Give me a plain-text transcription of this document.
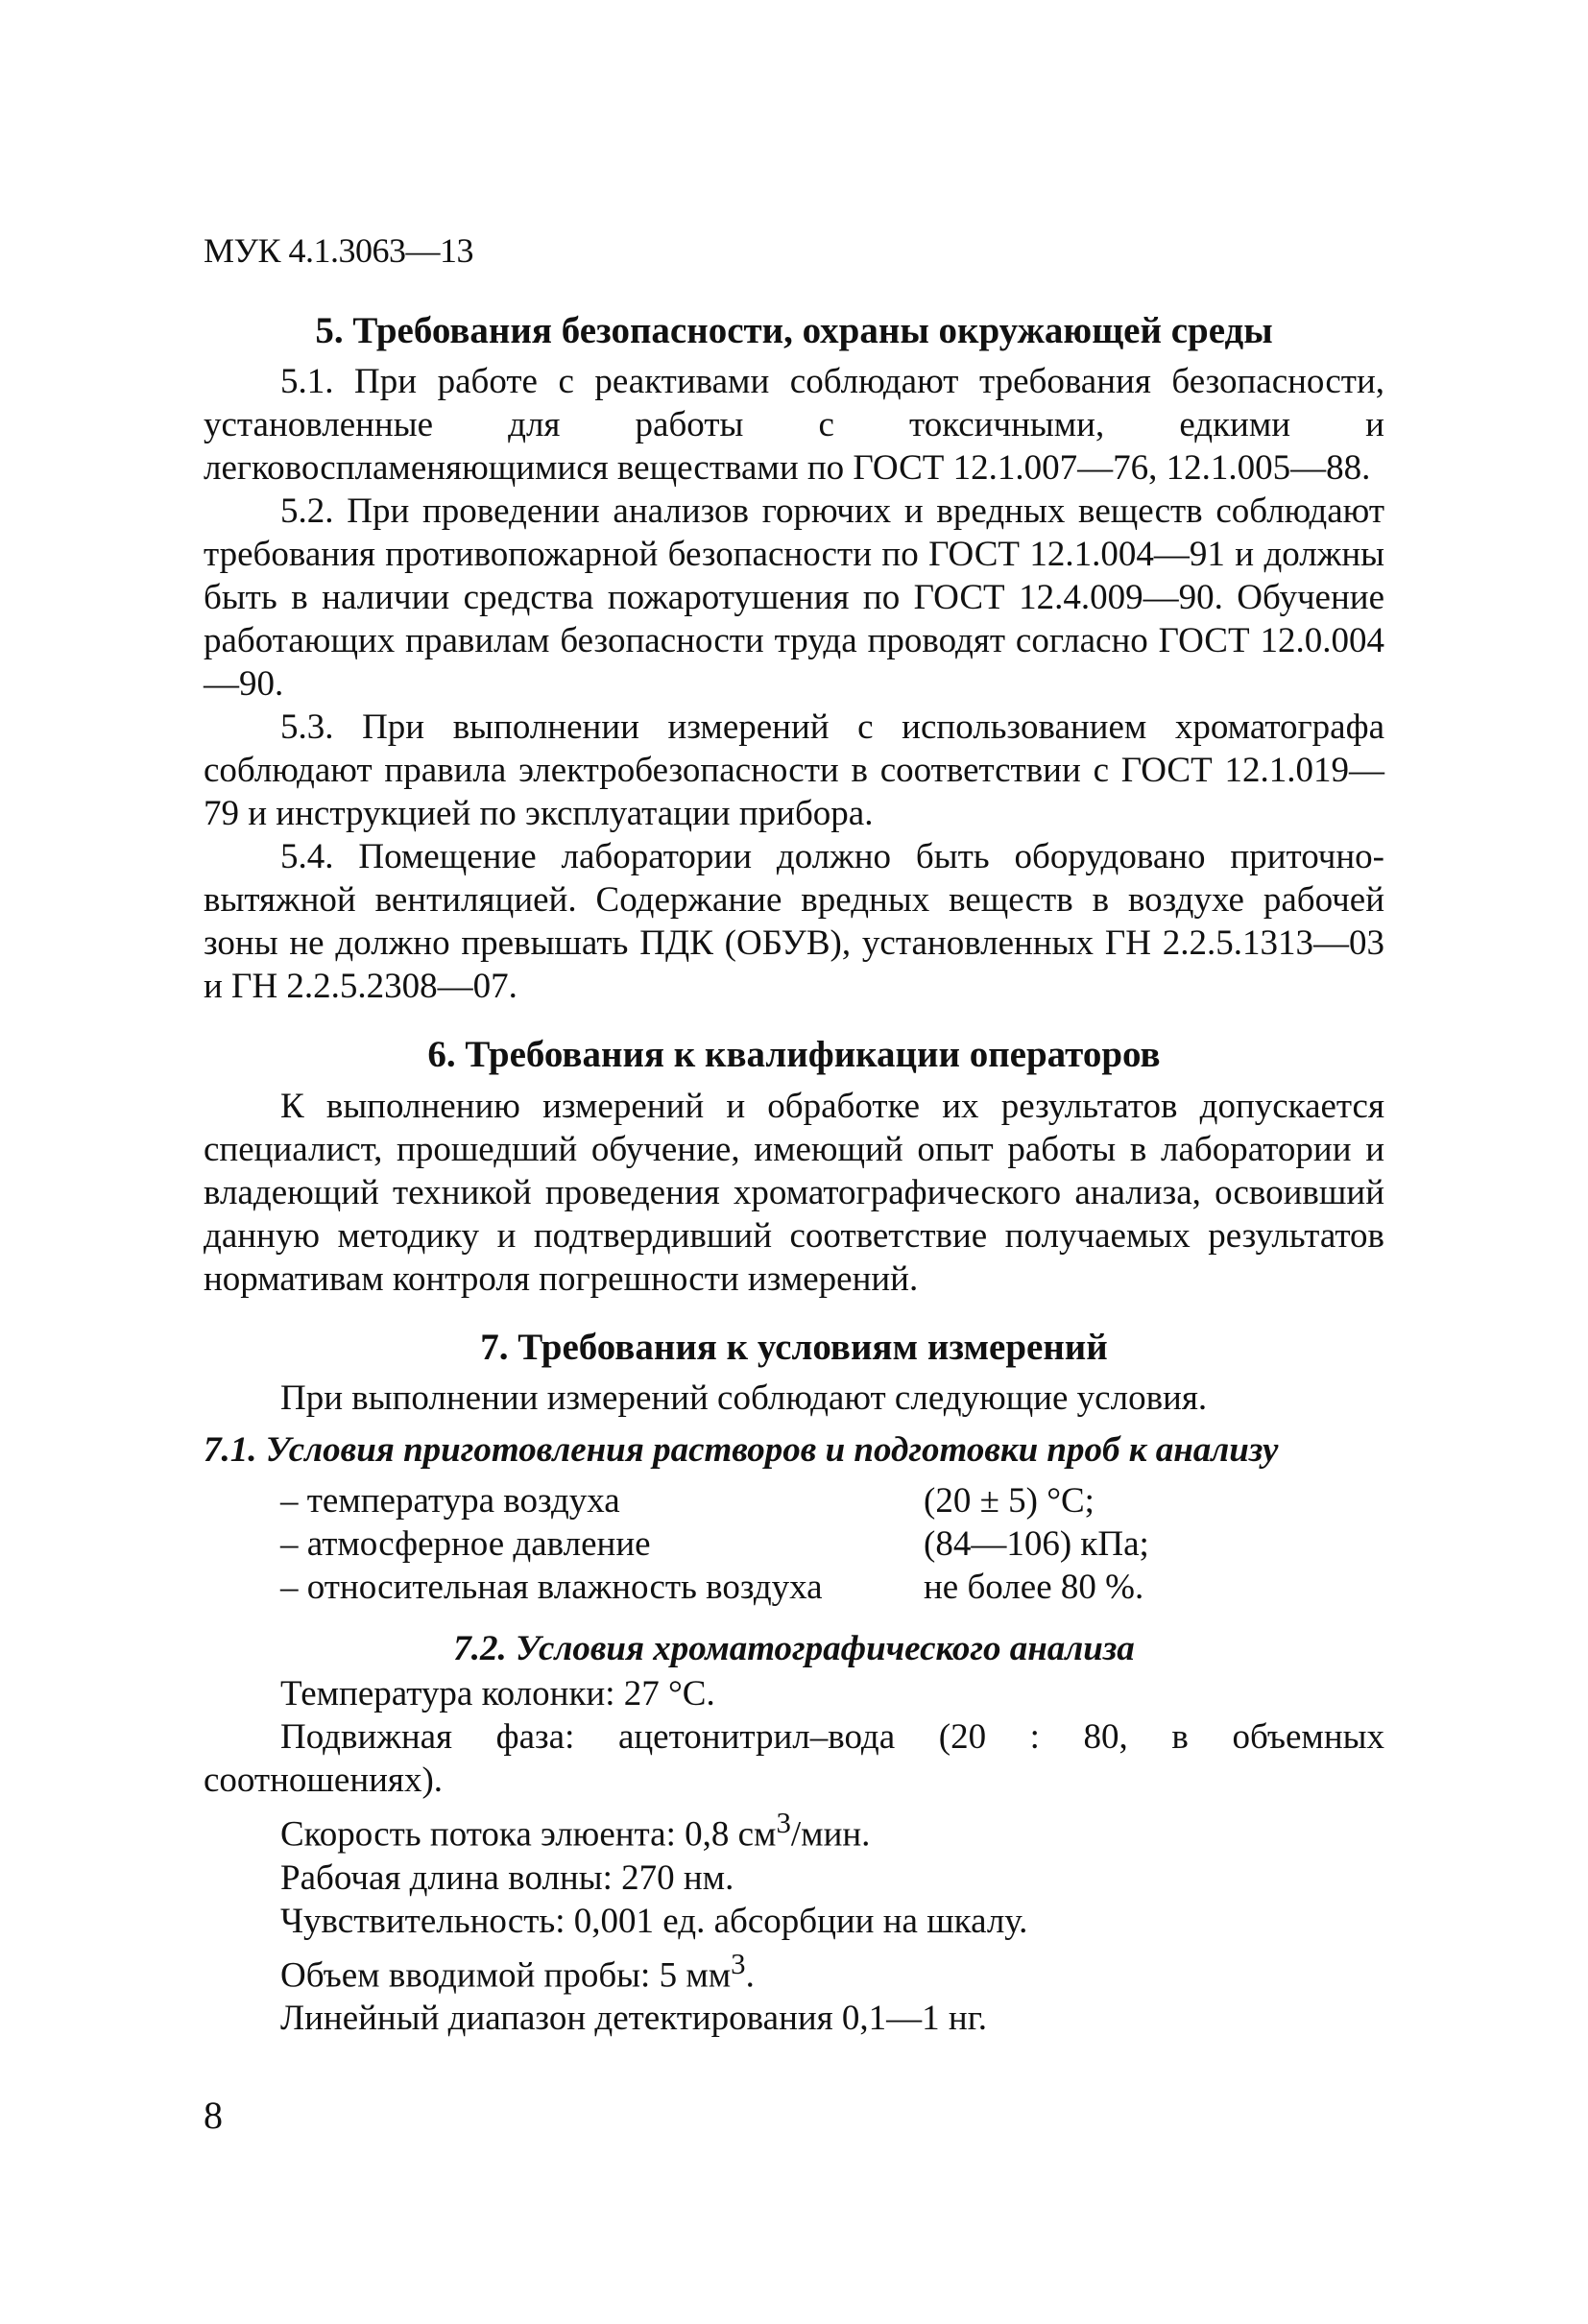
МУК 4.1.3063—13
5. Требования безопасности, охраны окружающей среды

5.1. При работе с реактивами соблюдают требования безопасности, установленные для работы с токсичными, едкими и легковоспламеняющимися веществами по ГОСТ 12.1.007—76, 12.1.005—88.

5.2. При проведении анализов горючих и вредных веществ соблюдают требования противопожарной безопасности по ГОСТ 12.1.004—91 и должны быть в наличии средства пожаротушения по ГОСТ 12.4.009—90. Обучение работающих правилам безопасности труда проводят согласно ГОСТ 12.0.004—90.

5.3. При выполнении измерений с использованием хроматографа соблюдают правила электробезопасности в соответствии с ГОСТ 12.1.019—79 и инструкцией по эксплуатации прибора.

5.4. Помещение лаборатории должно быть оборудовано приточно-вытяжной вентиляцией. Содержание вредных веществ в воздухе рабочей зоны не должно превышать ПДК (ОБУВ), установленных ГН 2.2.5.1313—03 и ГН 2.2.5.2308—07.

6. Требования к квалификации операторов

К выполнению измерений и обработке их результатов допускается специалист, прошедший обучение, имеющий опыт работы в лаборатории и владеющий техникой проведения хроматографического анализа, освоивший данную методику и подтвердивший соответствие получаемых результатов нормативам контроля погрешности измерений.

7. Требования к условиям измерений

При выполнении измерений соблюдают следующие условия.

7.1. Условия приготовления растворов и подготовки проб к анализу
– температура воздуха	(20 ± 5) °С;
– атмосферное давление	(84—106) кПа;
– относительная влажность воздуха	не более 80 %.
7.2. Условия хроматографического анализа

Температура колонки: 27 °С.

Подвижная фаза: ацетонитрил–вода (20 : 80, в объемных соотношениях).

Скорость потока элюента: 0,8 $см^3$/мин.

Рабочая длина волны: 270 нм.

Чувствительность: 0,001 ед. абсорбции на шкалу.

Объем вводимой пробы: 5 $мм^3$.

Линейный диапазон детектирования 0,1—1 нг.

8
